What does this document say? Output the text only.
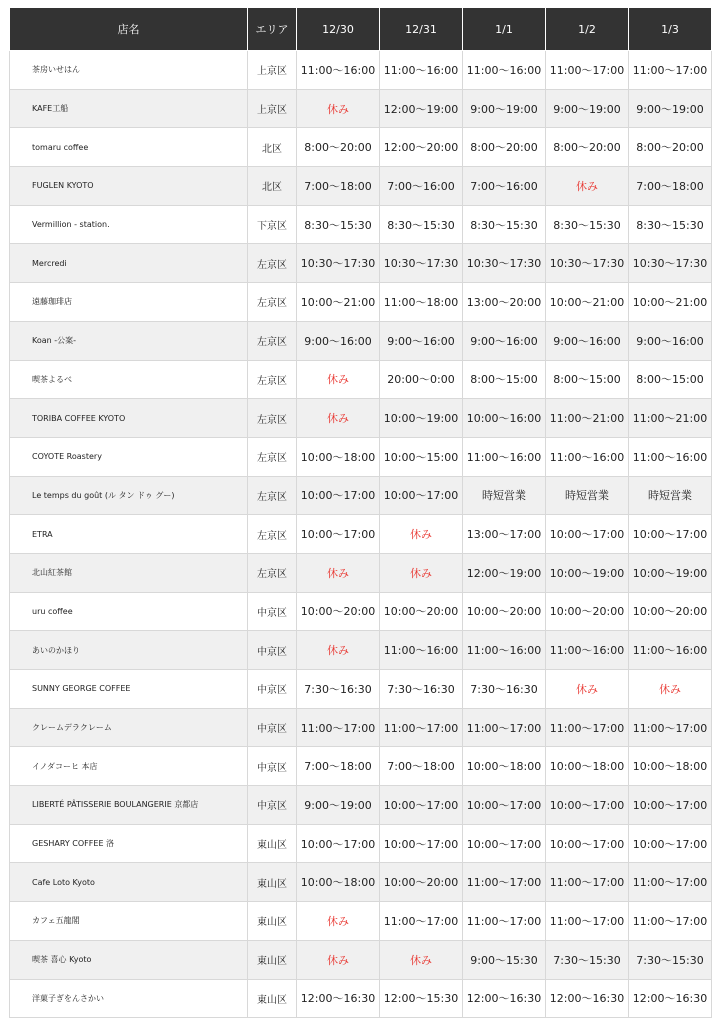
店名	エリア	12/30	12/31	1/1	1/2	1/3
茶房いせはん	上京区	11:00〜16:00	11:00〜16:00	11:00〜16:00	11:00〜17:00	11:00〜17:00
KAFE工船	上京区	休み	12:00〜19:00	9:00〜19:00	9:00〜19:00	9:00〜19:00
tomaru coffee	北区	8:00〜20:00	12:00〜20:00	8:00〜20:00	8:00〜20:00	8:00〜20:00
FUGLEN KYOTO	北区	7:00〜18:00	7:00〜16:00	7:00〜16:00	休み	7:00〜18:00
Vermillion - station.	下京区	8:30〜15:30	8:30〜15:30	8:30〜15:30	8:30〜15:30	8:30〜15:30
Mercredi	左京区	10:30〜17:30	10:30〜17:30	10:30〜17:30	10:30〜17:30	10:30〜17:30
遠藤珈琲店	左京区	10:00〜21:00	11:00〜18:00	13:00〜20:00	10:00〜21:00	10:00〜21:00
Koan -公案-	左京区	9:00〜16:00	9:00〜16:00	9:00〜16:00	9:00〜16:00	9:00〜16:00
喫茶よるべ	左京区	休み	20:00〜0:00	8:00〜15:00	8:00〜15:00	8:00〜15:00
TORIBA COFFEE KYOTO	左京区	休み	10:00〜19:00	10:00〜16:00	11:00〜21:00	11:00〜21:00
COYOTE Roastery	左京区	10:00〜18:00	10:00〜15:00	11:00〜16:00	11:00〜16:00	11:00〜16:00
Le temps du goût (ル タン ドゥ グー)	左京区	10:00〜17:00	10:00〜17:00	時短営業	時短営業	時短営業
ETRA	左京区	10:00〜17:00	休み	13:00〜17:00	10:00〜17:00	10:00〜17:00
北山紅茶館	左京区	休み	休み	12:00〜19:00	10:00〜19:00	10:00〜19:00
uru coffee	中京区	10:00〜20:00	10:00〜20:00	10:00〜20:00	10:00〜20:00	10:00〜20:00
あいのかほり	中京区	休み	11:00〜16:00	11:00〜16:00	11:00〜16:00	11:00〜16:00
SUNNY GEORGE COFFEE	中京区	7:30〜16:30	7:30〜16:30	7:30〜16:30	休み	休み
クレームデラクレーム	中京区	11:00〜17:00	11:00〜17:00	11:00〜17:00	11:00〜17:00	11:00〜17:00
イノダコーヒ 本店	中京区	7:00〜18:00	7:00〜18:00	10:00〜18:00	10:00〜18:00	10:00〜18:00
LIBERTÉ PÂTISSERIE BOULANGERIE 京都店	中京区	9:00〜19:00	10:00〜17:00	10:00〜17:00	10:00〜17:00	10:00〜17:00
GESHARY COFFEE 洛	東山区	10:00〜17:00	10:00〜17:00	10:00〜17:00	10:00〜17:00	10:00〜17:00
Cafe Loto Kyoto	東山区	10:00〜18:00	10:00〜20:00	11:00〜17:00	11:00〜17:00	11:00〜17:00
カフェ五龍閣	東山区	休み	11:00〜17:00	11:00〜17:00	11:00〜17:00	11:00〜17:00
喫茶 喜心 Kyoto	東山区	休み	休み	9:00〜15:30	7:30〜15:30	7:30〜15:30
洋菓子ぎをんさかい	東山区	12:00〜16:30	12:00〜15:30	12:00〜16:30	12:00〜16:30	12:00〜16:30
